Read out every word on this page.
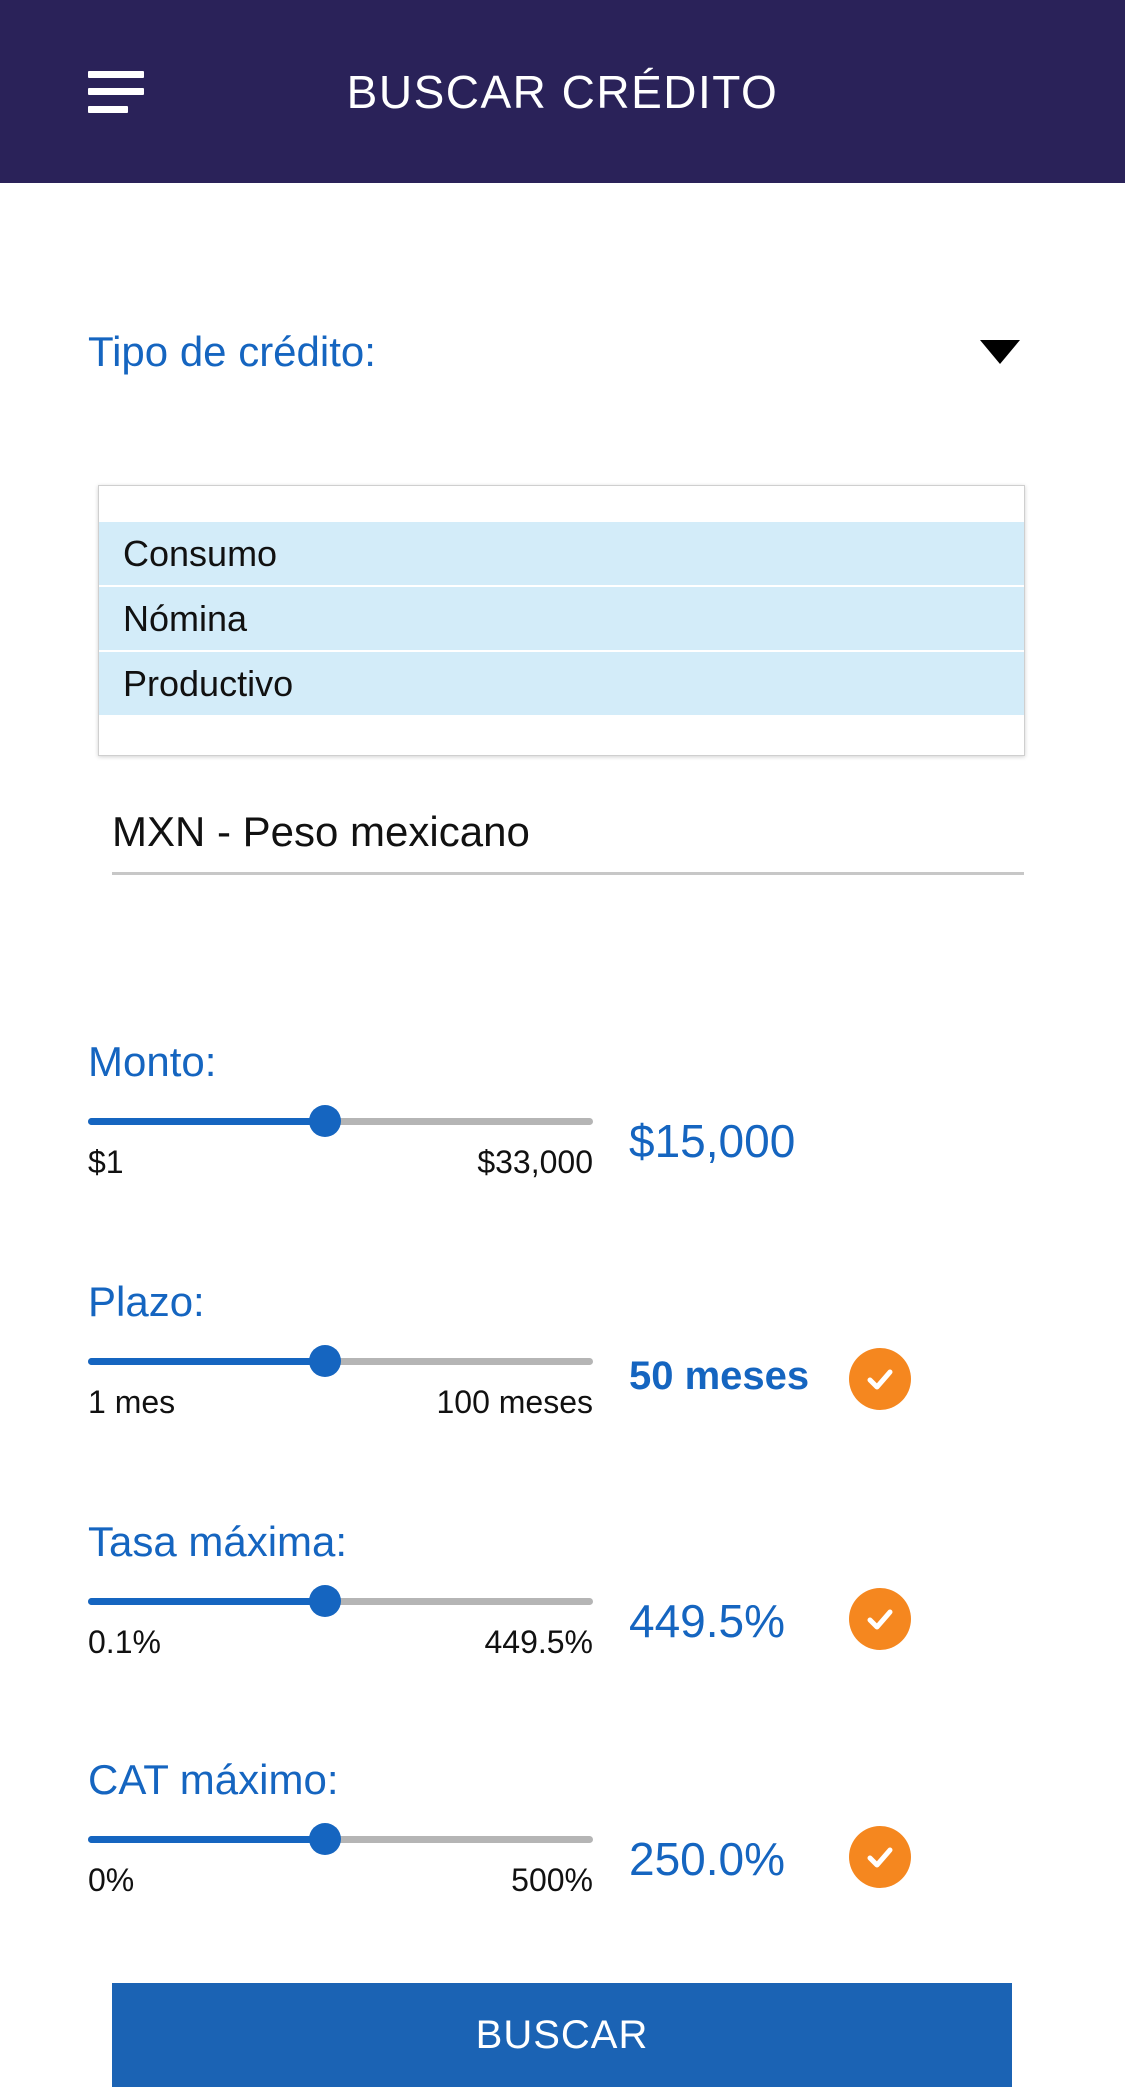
BUSCAR CRÉDITO
Tipo de crédito:
Consumo
Nómina
Productivo
MXN - Peso mexicano
Monto:
$1	$33,000 $15,000
Plazo:
1 mes	100 meses
50 meses
Tasa máxima:
0.1%	449.5% 449.5%
CAT máximo:
0%	500% 250.0%
BUSCAR
